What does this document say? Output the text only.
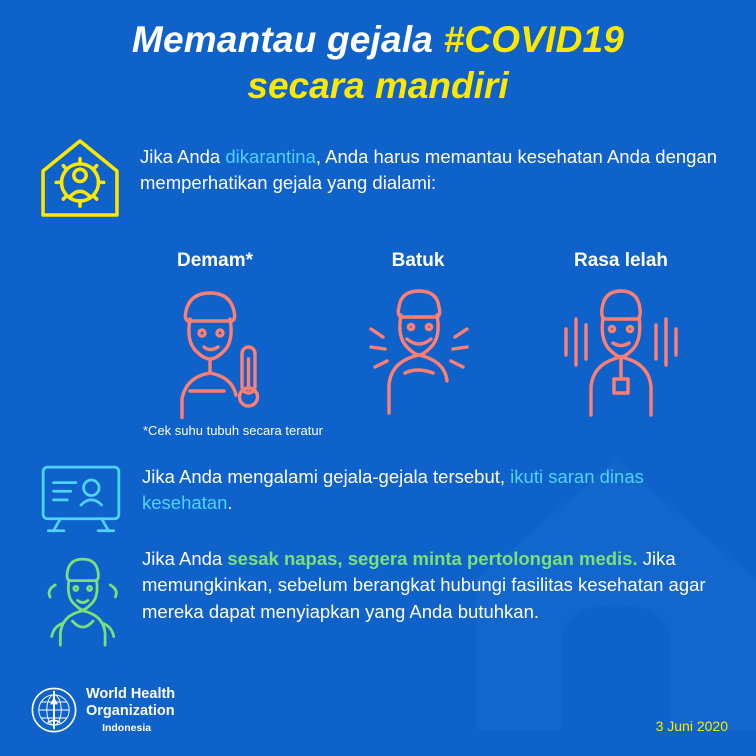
Memantau gejala #COVID19
secara mandiri
Jika Anda dikarantina, Anda harus memantau kesehatan Anda dengan memperhatikan gejala yang dialami:
Demam*	Batuk	Rasa lelah
*Cek suhu tubuh secara teratur
Jika Anda mengalami gejala-gejala tersebut, ikuti saran dinas kesehatan.
Jika Anda sesak napas, segera minta pertolongan medis. Jika memungkinkan, sebelum berangkat hubungi fasilitas kesehatan agar mereka dapat menyiapkan yang Anda butuhkan.
World Health
Organization
Indonesia	3 Juni 2020
